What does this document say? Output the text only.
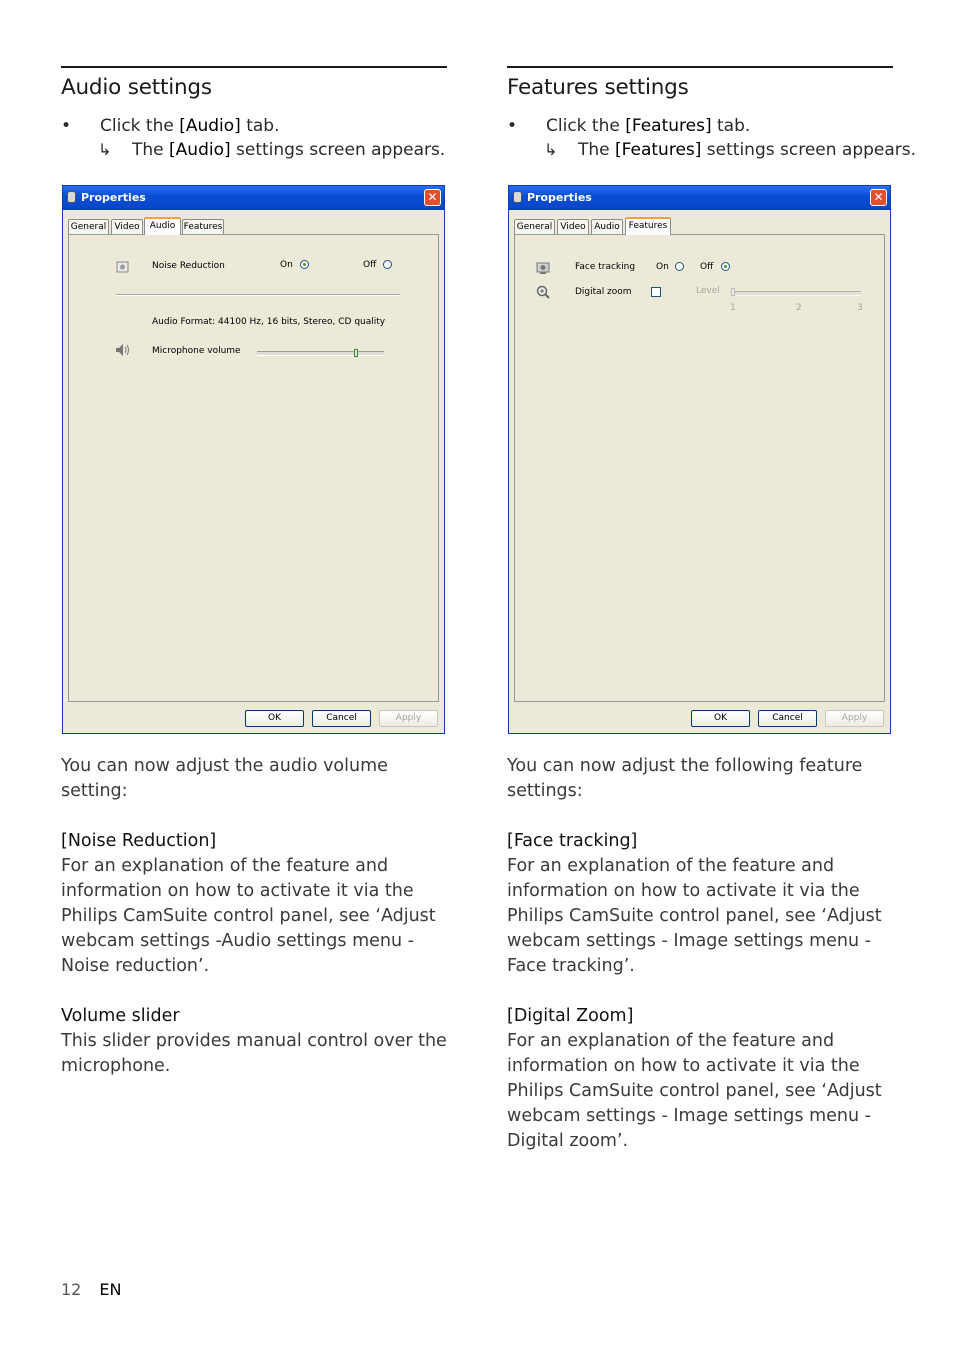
Audio settings
• Click the [Audio] tab.
↳ The [Audio] settings screen appears.
Properties	✕
General Video	Audio Features
Noise Reduction	On	Off
Audio Format: 44100 Hz, 16 bits, Stereo, CD quality
Microphone volume
OK	Cancel	Apply
You can now adjust the audio volume setting:
[Noise Reduction]
For an explanation of the feature and information on how to activate it via the Philips CamSuite control panel, see ‘Adjust webcam settings -Audio settings menu - Noise reduction’.
Volume slider
This slider provides manual control over the microphone.
Features settings
• Click the [Features] tab.
↳ The [Features] settings screen appears.
Properties	✕
General Video Audio Features
Face tracking On	Off
Digital zoom	Level
1	2	3
OK	Cancel	Apply
You can now adjust the following feature settings:
[Face tracking]
For an explanation of the feature and information on how to activate it via the Philips CamSuite control panel, see ‘Adjust webcam settings - Image settings menu - Face tracking’.
[Digital Zoom]
For an explanation of the feature and information on how to activate it via the Philips CamSuite control panel, see ‘Adjust webcam settings - Image settings menu - Digital zoom’.
12 EN
